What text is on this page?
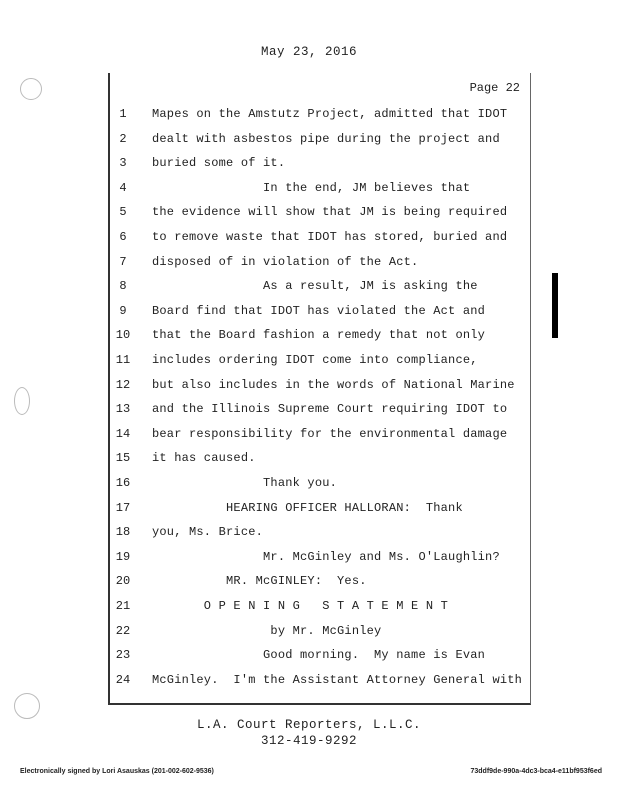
May 23, 2016
Page 22
1	Mapes on the Amstutz Project, admitted that IDOT
2	dealt with asbestos pipe during the project and
3	buried some of it.
4	In the end, JM believes that
5	the evidence will show that JM is being required
6	to remove waste that IDOT has stored, buried and
7	disposed of in violation of the Act.
8	As a result, JM is asking the
9	Board find that IDOT has violated the Act and
10	that the Board fashion a remedy that not only
11	includes ordering IDOT come into compliance,
12	but also includes in the words of National Marine
13	and the Illinois Supreme Court requiring IDOT to
14	bear responsibility for the environmental damage
15	it has caused.
16	Thank you.
17	HEARING OFFICER HALLORAN:  Thank
18	you, Ms. Brice.
19	Mr. McGinley and Ms. O'Laughlin?
20	MR. McGINLEY:  Yes.
21	O P E N I N G   S T A T E M E N T
22	by Mr. McGinley
23	Good morning.  My name is Evan
24	McGinley.  I'm the Assistant Attorney General with
L.A. Court Reporters, L.L.C.
312-419-9292
Electronically signed by Lori Asauskas (201-002-602-9536)	73ddf9de-990a-4dc3-bca4-e11bf953f6ed
